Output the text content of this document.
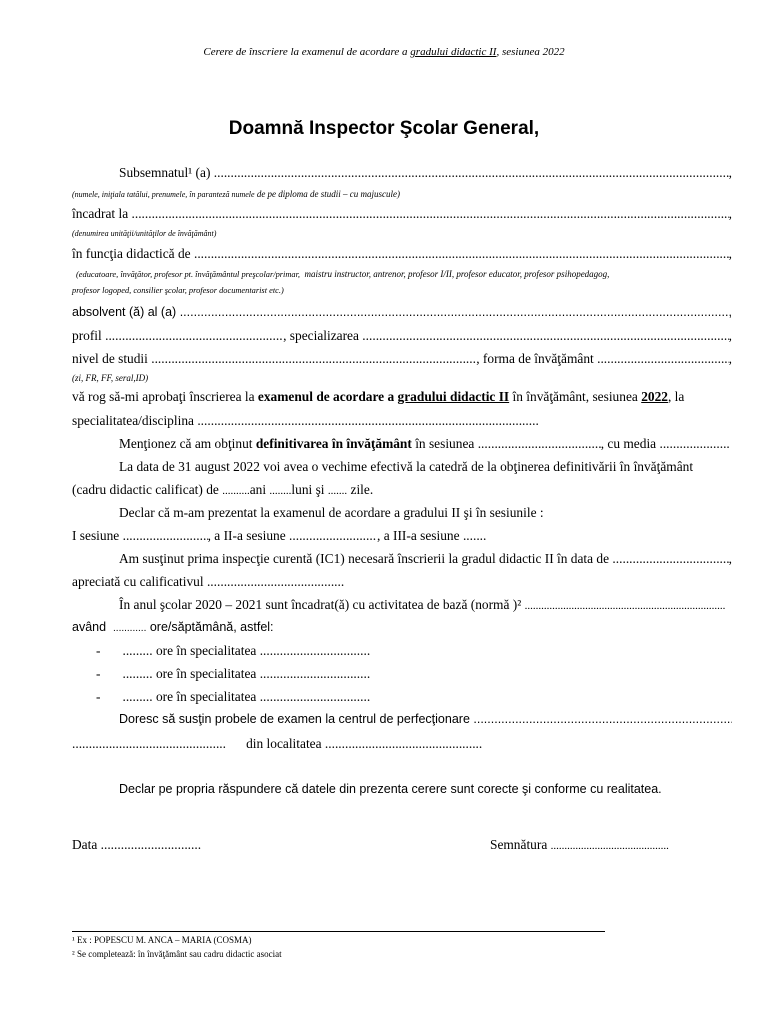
Cerere de înscriere la examenul de acordare a gradului didactic II, sesiunea 2022
Doamnă Inspector Şcolar General,
Subsemnatul¹ (a)
.....	,
(numele, iniţiala tatălui, prenumele, în paranteză numele de pe diploma de studii – cu majuscule)
încadrat la
.....	,
(denumirea unităţii/unităţilor de învăţământ)
în funcţia didactică de
.....	,
(educatoare, învăţător, profesor pt. învăţământul preşcolar/primar, maistru instructor, antrenor, profesor I/II, profesor educator, profesor psihopedagog,
profesor logoped, consilier şcolar, profesor documentarist etc.)
absolvent (ă) al (a)
.....	,
profil
.....	, specializarea
.....	,
nivel de studii
.....	, forma de învăţământ
.....	,
(zi, FR, FF, seral,ID)
vă rog să-mi aprobaţi înscrierea la examenul de acordare a gradului didactic II în învăţământ, sesiunea 2022, la
specialitatea/disciplina

.....
Menţionez că am obţinut
definitivarea în învăţământ
în sesiunea
.....	, cu media

.....
La data de 31 august 2022 voi avea o vechime efectivă la catedră de la obţinerea definitivării în învăţământ
(cadru didactic calificat) de ..........ani ........luni şi ....... zile.
Declar că m-am prezentat la examenul de acordare a gradului II şi în sesiunile :
I sesiune
.....	, a II-a sesiune
.....	, a III-a sesiune

.....
Am susţinut prima inspecţie curentă (IC1) necesară înscrierii la gradul didactic II în data de
.....	,
apreciată cu calificativul

.....
În anul şcolar 2020 – 2021 sunt încadrat(ă) cu activitatea de bază (normă )²

.....
având ............ ore/săptămână, astfel:
- ......... ore în specialitatea .................................
- ......... ore în specialitatea .................................
- ......... ore în specialitatea .................................
Doresc să susţin probele de examen la centrul de perfecţionare

.....
..............................................      din localitatea ...............................................
Declar pe propria răspundere că datele din prezenta cerere sunt corecte şi conforme cu realitatea.
Data ..............................	Semnătura ...........................................
¹ Ex : POPESCU M. ANCA – MARIA (COSMA)
² Se completează: în învăţământ sau cadru didactic asociat
